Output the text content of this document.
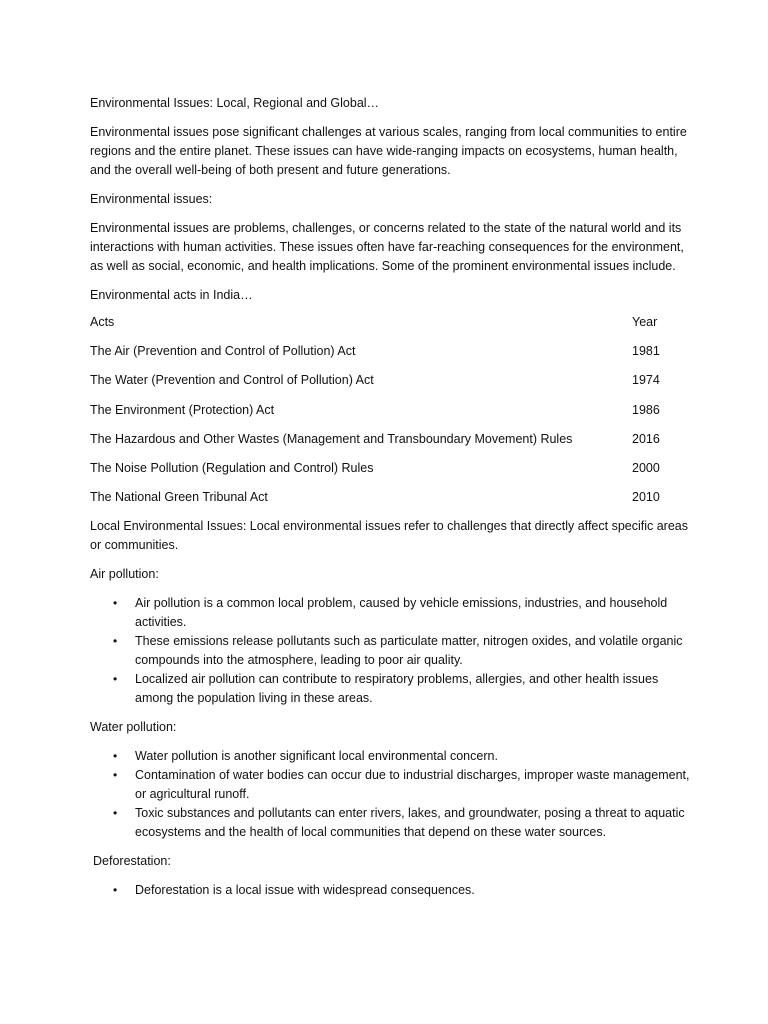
Environmental Issues: Local, Regional and Global…

Environmental issues pose significant challenges at various scales, ranging from local communities to entire regions and the entire planet. These issues can have wide-ranging impacts on ecosystems, human health, and the overall well-being of both present and future generations.

Environmental issues:

Environmental issues are problems, challenges, or concerns related to the state of the natural world and its interactions with human activities. These issues often have far-reaching consequences for the environment, as well as social, economic, and health implications. Some of the prominent environmental issues include.

Environmental acts in India…

Acts	Year
The Air (Prevention and Control of Pollution) Act	1981
The Water (Prevention and Control of Pollution) Act	1974
The Environment (Protection) Act	1986
The Hazardous and Other Wastes (Management and Transboundary Movement) Rules	2016
The Noise Pollution (Regulation and Control) Rules	2000
The National Green Tribunal Act	2010

Local Environmental Issues: Local environmental issues refer to challenges that directly affect specific areas or communities.

Air pollution:

• Air pollution is a common local problem, caused by vehicle emissions, industries, and household activities.
• These emissions release pollutants such as particulate matter, nitrogen oxides, and volatile organic compounds into the atmosphere, leading to poor air quality.
• Localized air pollution can contribute to respiratory problems, allergies, and other health issues among the population living in these areas.

Water pollution:

• Water pollution is another significant local environmental concern.
• Contamination of water bodies can occur due to industrial discharges, improper waste management, or agricultural runoff.
• Toxic substances and pollutants can enter rivers, lakes, and groundwater, posing a threat to aquatic ecosystems and the health of local communities that depend on these water sources.

Deforestation:

• Deforestation is a local issue with widespread consequences.
